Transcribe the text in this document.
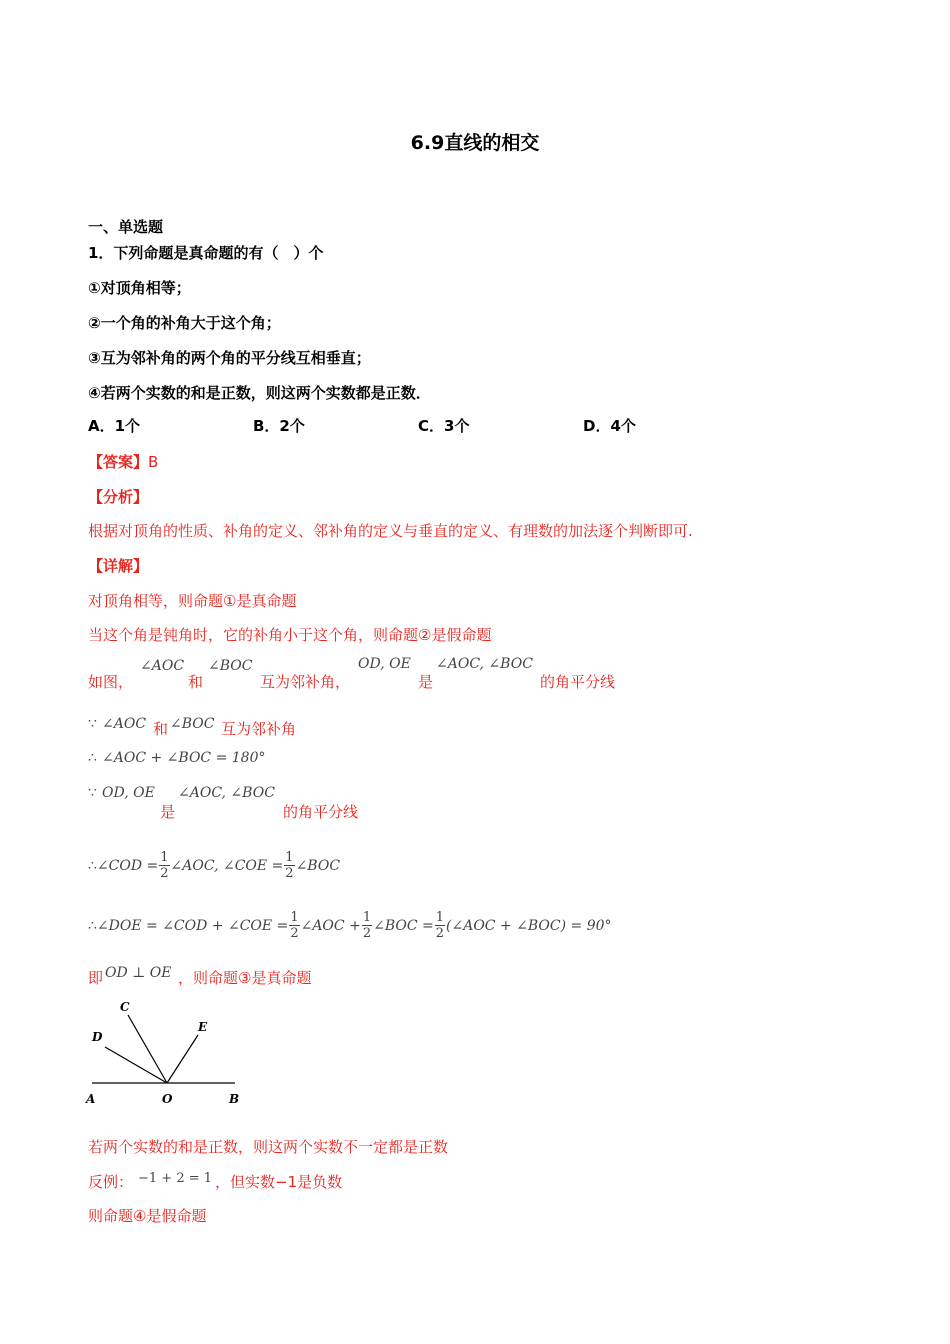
6.9直线的相交
一、单选题
1．下列命题是真命题的有（　）个
①对顶角相等；
②一个角的补角大于这个角；
③互为邻补角的两个角的平分线互相垂直；
④若两个实数的和是正数，则这两个实数都是正数．
A．1个	B．2个	C．3个	D．4个
【答案】B
【分析】
根据对顶角的性质、补角的定义、邻补角的定义与垂直的定义、有理数的加法逐个判断即可.
【详解】
对顶角相等，则命题①是真命题
当这个角是钝角时，它的补角小于这个角，则命题②是假命题
如图，
∠AOC
和
∠BOC
互为邻补角，
OD, OE
是
∠AOC, ∠BOC
的角平分线
∵ ∠AOC 和 ∠BOC 互为邻补角
∴ ∠AOC + ∠BOC = 180°
∵ OD, OE
是
∠AOC, ∠BOC
的角平分线
∴∠COD = $\frac{1}{2}$ ∠AOC, ∠COE = $\frac{1}{2}$ ∠BOC
∴∠DOE = ∠COD + ∠COE = $\frac{1}{2}$ ∠AOC + $\frac{1}{2}$ ∠BOC = $\frac{1}{2}$ (∠AOC + ∠BOC) = 90°
即 OD ⊥ OE ，则命题③是真命题
A	O	B
C
D
E
若两个实数的和是正数，则这两个实数不一定都是正数
反例： −1 + 2 = 1 ，但实数−1是负数
则命题④是假命题
